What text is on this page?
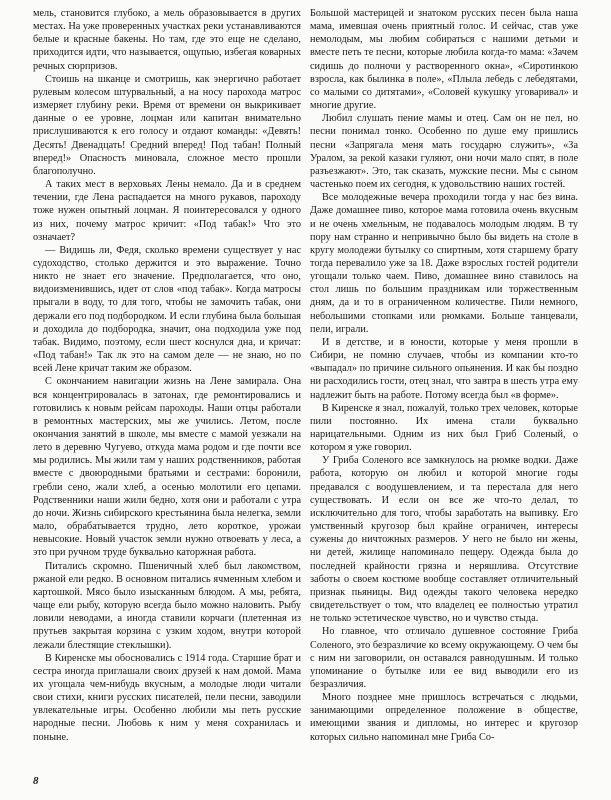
мель, становится глубоко, а мель образовывается в других местах. На уже проверенных участках реки устанавливаются белые и красные бакены. Но там, где это еще не сделано, приходится идти, что называется, ощупью, избегая коварных речных сюрпризов.

Стоишь на шканце и смотришь, как энергично работает рулевым колесом штурвальный, а на носу парохода матрос измеряет глубину реки. Время от времени он выкрикивает данные о ее уровне, лоцман или капитан внимательно прислушиваются к его голосу и отдают команды: «Девять! Десять! Двенадцать! Средний вперед! Под табан! Полный вперед!» Опасность миновала, сложное место прошли благополучно.

А таких мест в верховьях Лены немало. Да и в среднем течении, где Лена распадается на много рукавов, пароходу тоже нужен опытный лоцман. Я поинтересовался у одного из них, почему матрос кричит: «Под табак!» Что это означает?

— Видишь ли, Федя, сколько времени существует у нас судоходство, столько держится и это выражение. Точно никто не знает его значение. Предполагается, что оно, видоизменившись, идет от слов «под табак». Когда матросы прыгали в воду, то для того, чтобы не замочить табак, они держали его под подбородком. И если глубина была большая и доходила до подбородка, значит, она подходила уже под табак. Видимо, поэтому, если шест коснулся дна, и кричат: «Под табан!» Так лк это на самом деле — не знаю, но по всей Лене кричат таким же образом.

С окончанием навигации жизнь на Лене замирала. Она вся концентрировалась в затонах, где ремонтировались и готовились к новым рейсам пароходы. Наши отцы работали в ремонтных мастерских, мы же учились. Летом, после окончания занятий в школе, мы вместе с мамой уезжали на лето в деревню Чугуево, откуда мама родом и где почти все мы родились. Мы жили там у наших родственников, работая вместе с двоюродными братьями и сестрами: боронили, гребли сено, жали хлеб, а осенью молотили его цепами. Родственники наши жили бедно, хотя они и работали с утра до ночи. Жизнь сибирского крестьянина была нелегка, земли мало, обрабатывается трудно, лето короткое, урожаи невысокие. Новый участок земли нужно отвоевать у леса, а это при ручном труде буквально каторжная работа.

Питались скромно. Пшеничный хлеб был лакомством, ржаной ели редко. В основном питались ячменным хлебом и картошкой. Мясо было изысканным блюдом. А мы, ребята, чаще ели рыбу, которую всегда было можно наловить. Рыбу ловили неводами, а иногда ставили корчаги (плетенная из прутьев закрытая корзина с узким ходом, внутри которой лежали блестящие стеклышки).

В Киренске мы обосновались с 1914 года. Старшие брат и сестра иногда приглашали своих друзей к нам домой. Мама их угощала чем-нибудь вкусным, а молодые люди читали свои стихи, книги русских писателей, пели песни, заводили увлекательные игры. Особенно любили мы петь русские народные песни. Любовь к ним у меня сохранилась и поныне.

Большой мастерицей и знатоком русских песен была наша мама, имевшая очень приятный голос. И сейчас, став уже немолодым, мы любим собираться с нашими детьми и вместе петь те песни, которые любила когда-то мама: «Зачем сидишь до полночи у растворенного окна», «Сиротинкою взросла, как былинка в поле», «Плыла лебедь с лебедятами, со малыми со дитятами», «Соловей кукушку уговаривал» и многие другие.

Любил слушать пение мамы и отец. Сам он не пел, но песни понимал тонко. Особенно по душе ему пришлись песни «Запрягала меня мать государю служить», «За Уралом, за рекой казаки гуляют, они ночи мало спят, в поле разъезжают». Это, так сказать, мужские песни. Мы с сыном частенько поем их сегодня, к удовольствию наших гостей.

Все молодежные вечера проходили тогда у нас без вина. Даже домашнее пиво, которое мама готовила очень вкусным и не очень хмельным, не подавалось молодым людям. В ту пору нам странно и непривычно было бы видеть на столе в кругу молодежи бутылку со спиртным, хотя старшему брату тогда перевалило уже за 18. Даже взрослых гостей родители угощали только чаем. Пиво, домашнее вино ставилось на стол лишь по большим праздникам или торжественным дням, да и то в ограниченном количестве. Пили немного, небольшими стопками или рюмками. Больше танцевали, пели, играли.

И в детстве, и в юности, которые у меня прошли в Сибири, не помню случаев, чтобы из компании кто-то «выпадал» по причине сильного опьянения. И как бы поздно ни расходились гости, отец знал, что завтра в шесть утра ему надлежит быть на работе. Потому всегда был «в форме».

В Киренске я знал, пожалуй, только трех человек, которые пили постоянно. Их имена стали буквально нарицательными. Одним из них был Гриб Соленый, о котором я уже говорил.

У Гриба Соленого все замкнулось на рюмке водки. Даже работа, которую он любил и которой многие годы предавался с воодушевлением, и та перестала для него существовать. И если он все же что-то делал, то исключительно для того, чтобы заработать на выпивку. Его умственный кругозор был крайне ограничен, интересы сужены до ничтожных размеров. У него не было ни жены, ни детей, жилище напоминало пещеру. Одежда была до последней крайности грязна и неряшлива. Отсутствие заботы о своем костюме вообще составляет отличительный признак пьяницы. Вид одежды такого человека нередко свидетельствует о том, что владелец ее полностью утратил не только эстетическое чувство, но и чувство стыда.

Но главное, что отличало душевное состояние Гриба Соленого, это безразличие ко всему окружающему. О чем бы с ним ни заговорили, он оставался равнодушным. И только упоминание о бутылке или ее вид выводили его из безразличия.

Много позднее мне пришлось встречаться с людьми, занимающими определенное положение в обществе, имеющими звания и дипломы, но интерес и кругозор которых сильно напоминал мне Гриба Со-

8
